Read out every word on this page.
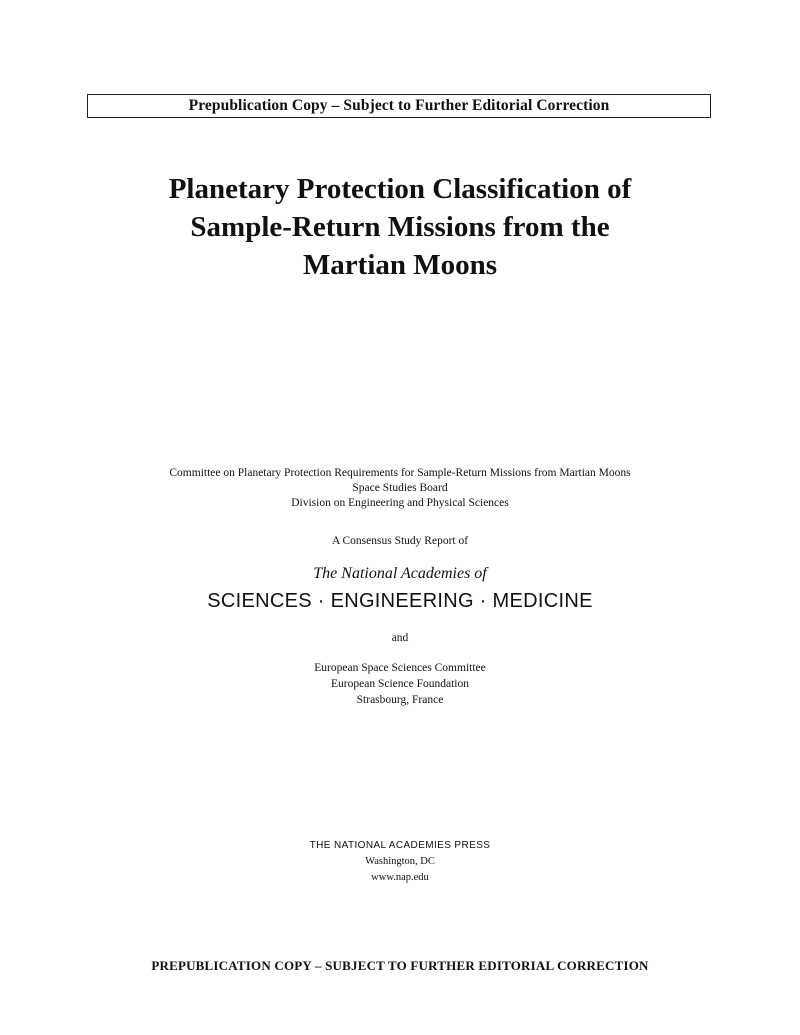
Prepublication Copy – Subject to Further Editorial Correction
Planetary Protection Classification of
Sample-Return Missions from the
Martian Moons
Committee on Planetary Protection Requirements for Sample-Return Missions from Martian Moons
Space Studies Board
Division on Engineering and Physical Sciences
A Consensus Study Report of
The National Academies of
SCIENCES · ENGINEERING · MEDICINE
and
European Space Sciences Committee
European Science Foundation
Strasbourg, France
THE NATIONAL ACADEMIES PRESS
Washington, DC
www.nap.edu
PREPUBLICATION COPY – SUBJECT TO FURTHER EDITORIAL CORRECTION
